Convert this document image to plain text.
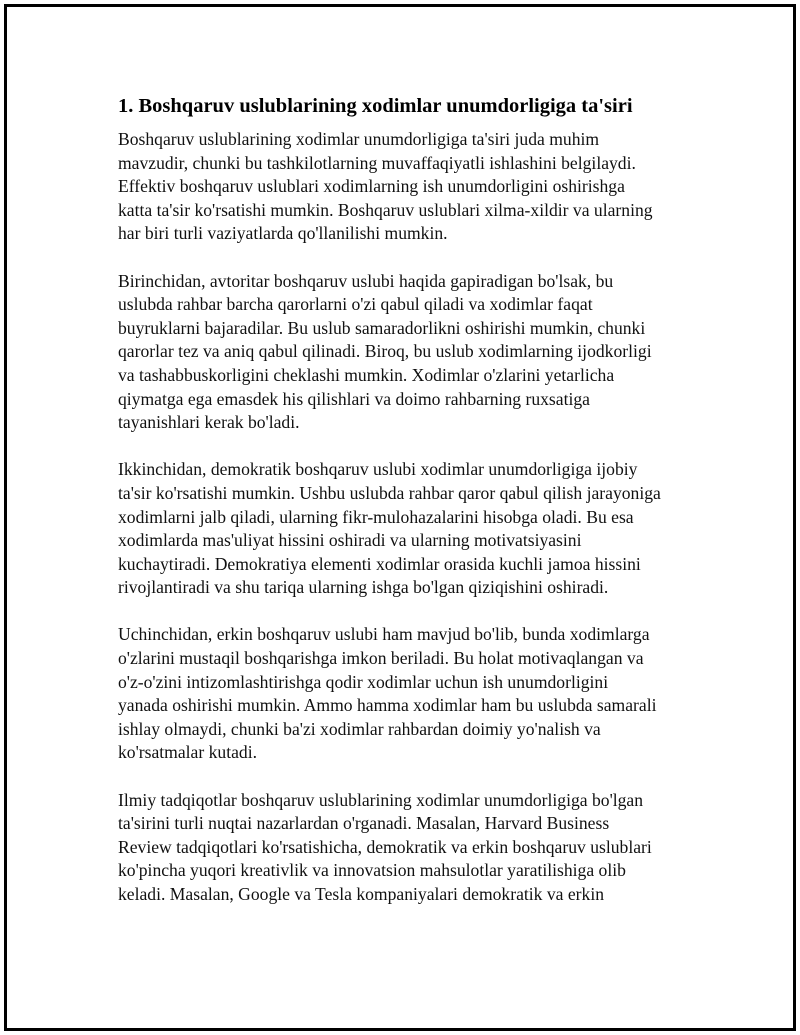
1. Boshqaruv uslublarining xodimlar unumdorligiga ta'siri

Boshqaruv uslublarining xodimlar unumdorligiga ta'siri juda muhim
mavzudir, chunki bu tashkilotlarning muvaffaqiyatli ishlashini belgilaydi.
Effektiv boshqaruv uslublari xodimlarning ish unumdorligini oshirishga
katta ta'sir ko'rsatishi mumkin. Boshqaruv uslublari xilma-xildir va ularning
har biri turli vaziyatlarda qo'llanilishi mumkin.

Birinchidan, avtoritar boshqaruv uslubi haqida gapiradigan bo'lsak, bu
uslubda rahbar barcha qarorlarni o'zi qabul qiladi va xodimlar faqat
buyruklarni bajaradilar. Bu uslub samaradorlikni oshirishi mumkin, chunki
qarorlar tez va aniq qabul qilinadi. Biroq, bu uslub xodimlarning ijodkorligi
va tashabbuskorligini cheklashi mumkin. Xodimlar o'zlarini yetarlicha
qiymatga ega emasdek his qilishlari va doimo rahbarning ruxsatiga
tayanishlari kerak bo'ladi.

Ikkinchidan, demokratik boshqaruv uslubi xodimlar unumdorligiga ijobiy
ta'sir ko'rsatishi mumkin. Ushbu uslubda rahbar qaror qabul qilish jarayoniga
xodimlarni jalb qiladi, ularning fikr-mulohazalarini hisobga oladi. Bu esa
xodimlarda mas'uliyat hissini oshiradi va ularning motivatsiyasini
kuchaytiradi. Demokratiya elementi xodimlar orasida kuchli jamoa hissini
rivojlantiradi va shu tariqa ularning ishga bo'lgan qiziqishini oshiradi.

Uchinchidan, erkin boshqaruv uslubi ham mavjud bo'lib, bunda xodimlarga
o'zlarini mustaqil boshqarishga imkon beriladi. Bu holat motivaqlangan va
o'z-o'zini intizomlashtirishga qodir xodimlar uchun ish unumdorligini
yanada oshirishi mumkin. Ammo hamma xodimlar ham bu uslubda samarali
ishlay olmaydi, chunki ba'zi xodimlar rahbardan doimiy yo'nalish va
ko'rsatmalar kutadi.

Ilmiy tadqiqotlar boshqaruv uslublarining xodimlar unumdorligiga bo'lgan
ta'sirini turli nuqtai nazarlardan o'rganadi. Masalan, Harvard Business
Review tadqiqotlari ko'rsatishicha, demokratik va erkin boshqaruv uslublari
ko'pincha yuqori kreativlik va innovatsion mahsulotlar yaratilishiga olib
keladi. Masalan, Google va Tesla kompaniyalari demokratik va erkin
